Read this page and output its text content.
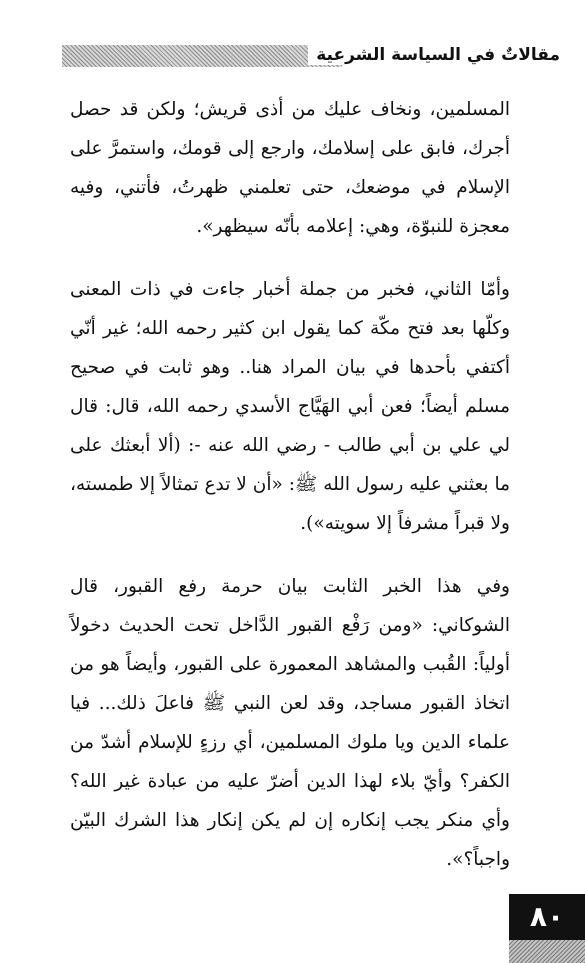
مقالاتٌ في السياسة الشرعية

المسلمين، ونخاف عليك من أذى قريش؛ ولكن قد حصل أجرك، فابق على إسلامك، وارجع إلى قومك، واستمرَّ على الإسلام في موضعك، حتى تعلمني ظهرتُ، فأتني، وفيه معجزة للنبوّة، وهي: إعلامه بأنّه سيظهر».

وأمّا الثاني، فخبر من جملة أخبار جاءت في ذات المعنى وكلّها بعد فتح مكّة كما يقول ابن كثير رحمه الله؛ غير أنّي أكتفي بأحدها في بيان المراد هنا.. وهو ثابت في صحيح مسلم أيضاً؛ فعن أبي الهَيَّاج الأسدي رحمه الله، قال: قال لي علي بن أبي طالب - رضي الله عنه -: (ألا أبعثك على ما بعثني عليه رسول الله ﷺ: «أن لا تدع تمثالاً إلا طمسته، ولا قبراً مشرفاً إلا سويته»).

وفي هذا الخبر الثابت بيان حرمة رفع القبور، قال الشوكاني: «ومن رَفْع القبور الدَّاخل تحت الحديث دخولاً أولياً: القُبب والمشاهد المعمورة على القبور، وأيضاً هو من اتخاذ القبور مساجد، وقد لعن النبي ﷺ فاعلَ ذلك... فيا علماء الدين ويا ملوك المسلمين، أي رزءٍ للإسلام أشدّ من الكفر؟ وأيّ بلاء لهذا الدين أضرّ عليه من عبادة غير الله؟ وأي منكر يجب إنكاره إن لم يكن إنكار هذا الشرك البيّن واجباً؟».

٨٠
